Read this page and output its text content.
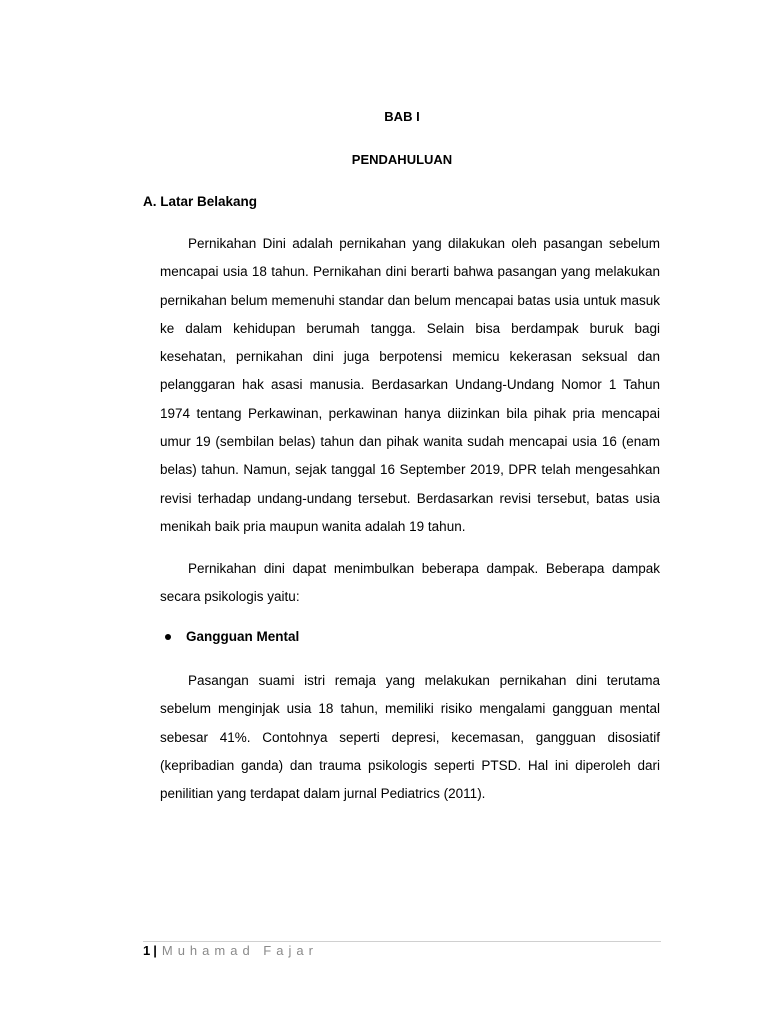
BAB I
PENDAHULUAN
A. Latar Belakang

Pernikahan Dini adalah pernikahan yang dilakukan oleh pasangan sebelum mencapai usia 18 tahun. Pernikahan dini berarti bahwa pasangan yang melakukan pernikahan belum memenuhi standar dan belum mencapai batas usia untuk masuk ke dalam kehidupan berumah tangga. Selain bisa berdampak buruk bagi kesehatan, pernikahan dini juga berpotensi memicu kekerasan seksual dan pelanggaran hak asasi manusia. Berdasarkan Undang-Undang Nomor 1 Tahun 1974 tentang Perkawinan, perkawinan hanya diizinkan bila pihak pria mencapai umur 19 (sembilan belas) tahun dan pihak wanita sudah mencapai usia 16 (enam belas) tahun. Namun, sejak tanggal 16 September 2019, DPR telah mengesahkan revisi terhadap undang-undang tersebut. Berdasarkan revisi tersebut, batas usia menikah baik pria maupun wanita adalah 19 tahun.

Pernikahan dini dapat menimbulkan beberapa dampak. Beberapa dampak secara psikologis yaitu:

Gangguan Mental

Pasangan suami istri remaja yang melakukan pernikahan dini terutama sebelum menginjak usia 18 tahun, memiliki risiko mengalami gangguan mental sebesar 41%. Contohnya seperti depresi, kecemasan, gangguan disosiatif (kepribadian ganda) dan trauma psikologis seperti PTSD. Hal ini diperoleh dari penilitian yang terdapat dalam jurnal Pediatrics (2011).

1 | Muhamad Fajar
